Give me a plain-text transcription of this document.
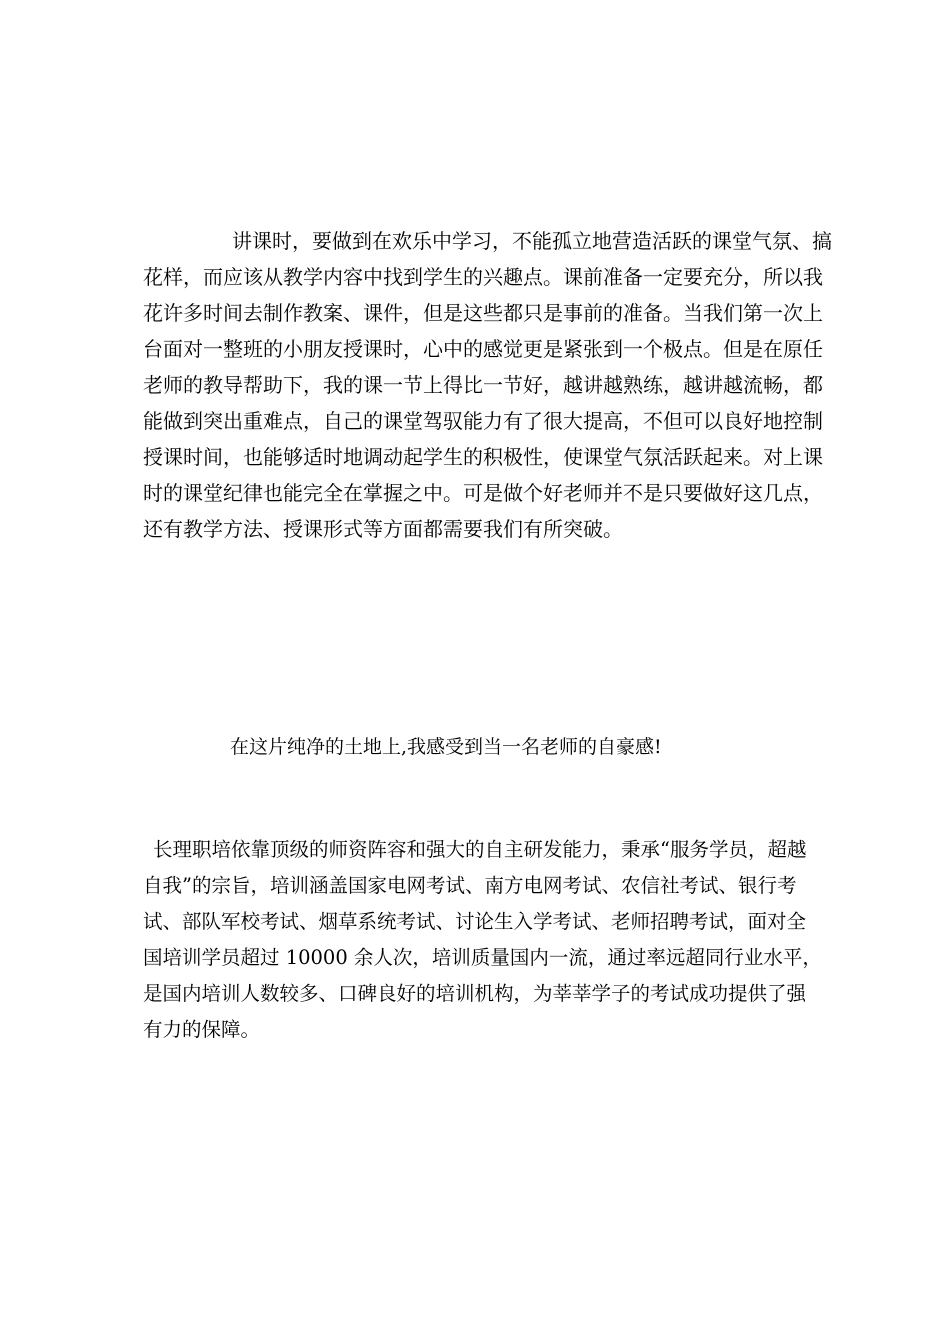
讲课时，要做到在欢乐中学习，不能孤立地营造活跃的课堂气氛、搞
花样，而应该从教学内容中找到学生的兴趣点。课前准备一定要充分，所以我
花许多时间去制作教案、课件，但是这些都只是事前的准备。当我们第一次上
台面对一整班的小朋友授课时，心中的感觉更是紧张到一个极点。但是在原任
老师的教导帮助下，我的课一节上得比一节好，越讲越熟练，越讲越流畅，都
能做到突出重难点，自己的课堂驾驭能力有了很大提高，不但可以良好地控制
授课时间，也能够适时地调动起学生的积极性，使课堂气氛活跃起来。对上课
时的课堂纪律也能完全在掌握之中。可是做个好老师并不是只要做好这几点，
还有教学方法、授课形式等方面都需要我们有所突破。
在这片纯净的土地上,我感受到当一名老师的自豪感!
长理职培依靠顶级的师资阵容和强大的自主研发能力，秉承“服务学员，超越
自我”的宗旨，培训涵盖国家电网考试、南方电网考试、农信社考试、银行考
试、部队军校考试、烟草系统考试、讨论生入学考试、老师招聘考试，面对全
国培训学员超过 10000 余人次，培训质量国内一流，通过率远超同行业水平，
是国内培训人数较多、口碑良好的培训机构，为莘莘学子的考试成功提供了强
有力的保障。
